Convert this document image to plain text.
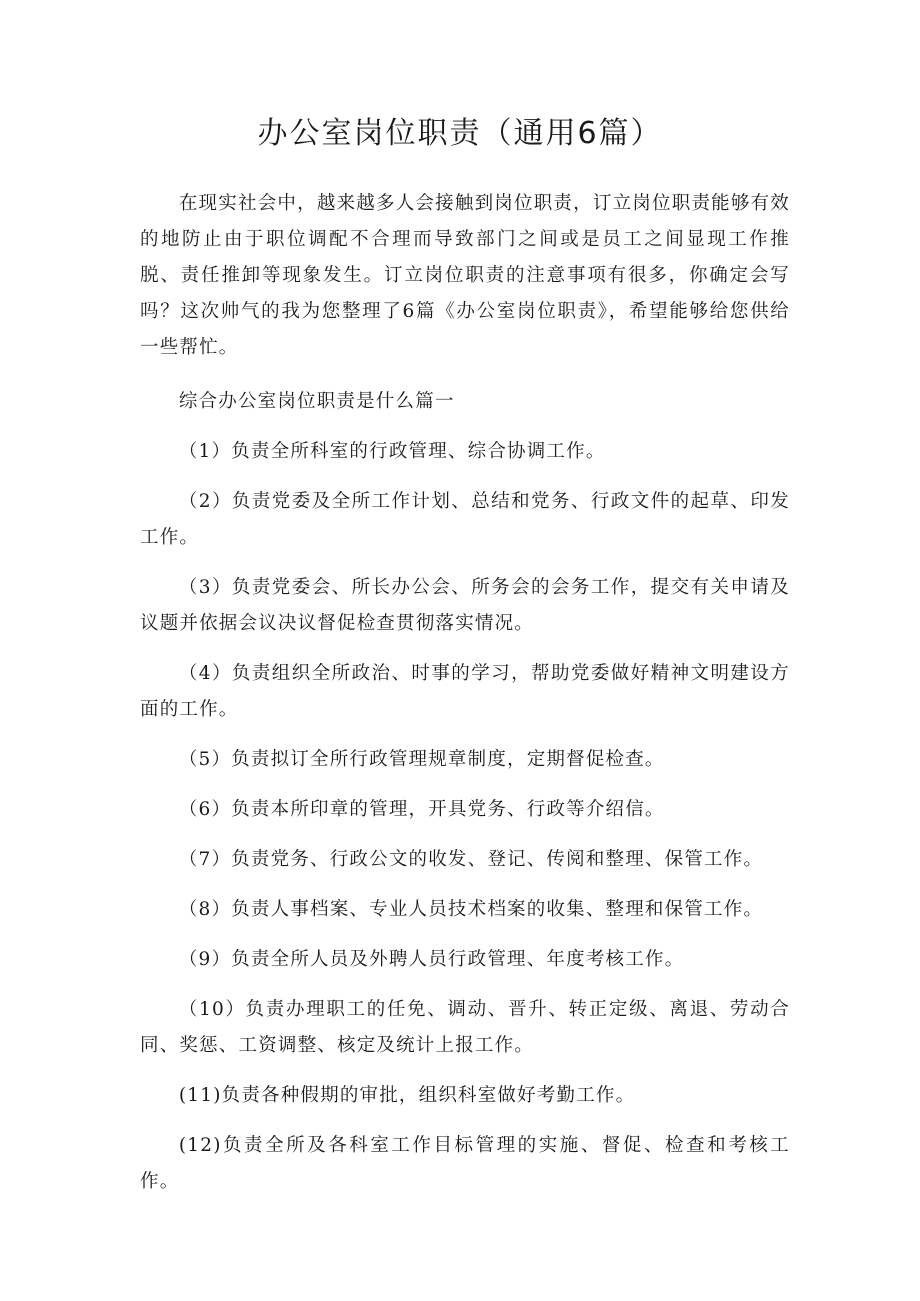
办公室岗位职责（通用6篇）

在现实社会中，越来越多人会接触到岗位职责，订立岗位职责能够有效的地防止由于职位调配不合理而导致部门之间或是员工之间显现工作推脱、责任推卸等现象发生。订立岗位职责的注意事项有很多，你确定会写吗？这次帅气的我为您整理了6篇《办公室岗位职责》，希望能够给您供给一些帮忙。

综合办公室岗位职责是什么篇一

（1）负责全所科室的行政管理、综合协调工作。

（2）负责党委及全所工作计划、总结和党务、行政文件的起草、印发工作。

（3）负责党委会、所长办公会、所务会的会务工作，提交有关申请及议题并依据会议决议督促检查贯彻落实情况。

（4）负责组织全所政治、时事的学习，帮助党委做好精神文明建设方面的工作。

（5）负责拟订全所行政管理规章制度，定期督促检查。

（6）负责本所印章的管理，开具党务、行政等介绍信。

（7）负责党务、行政公文的收发、登记、传阅和整理、保管工作。

（8）负责人事档案、专业人员技术档案的收集、整理和保管工作。

（9）负责全所人员及外聘人员行政管理、年度考核工作。

（10）负责办理职工的任免、调动、晋升、转正定级、离退、劳动合同、奖惩、工资调整、核定及统计上报工作。

(11)负责各种假期的审批，组织科室做好考勤工作。

(12)负责全所及各科室工作目标管理的实施、督促、检查和考核工作。
